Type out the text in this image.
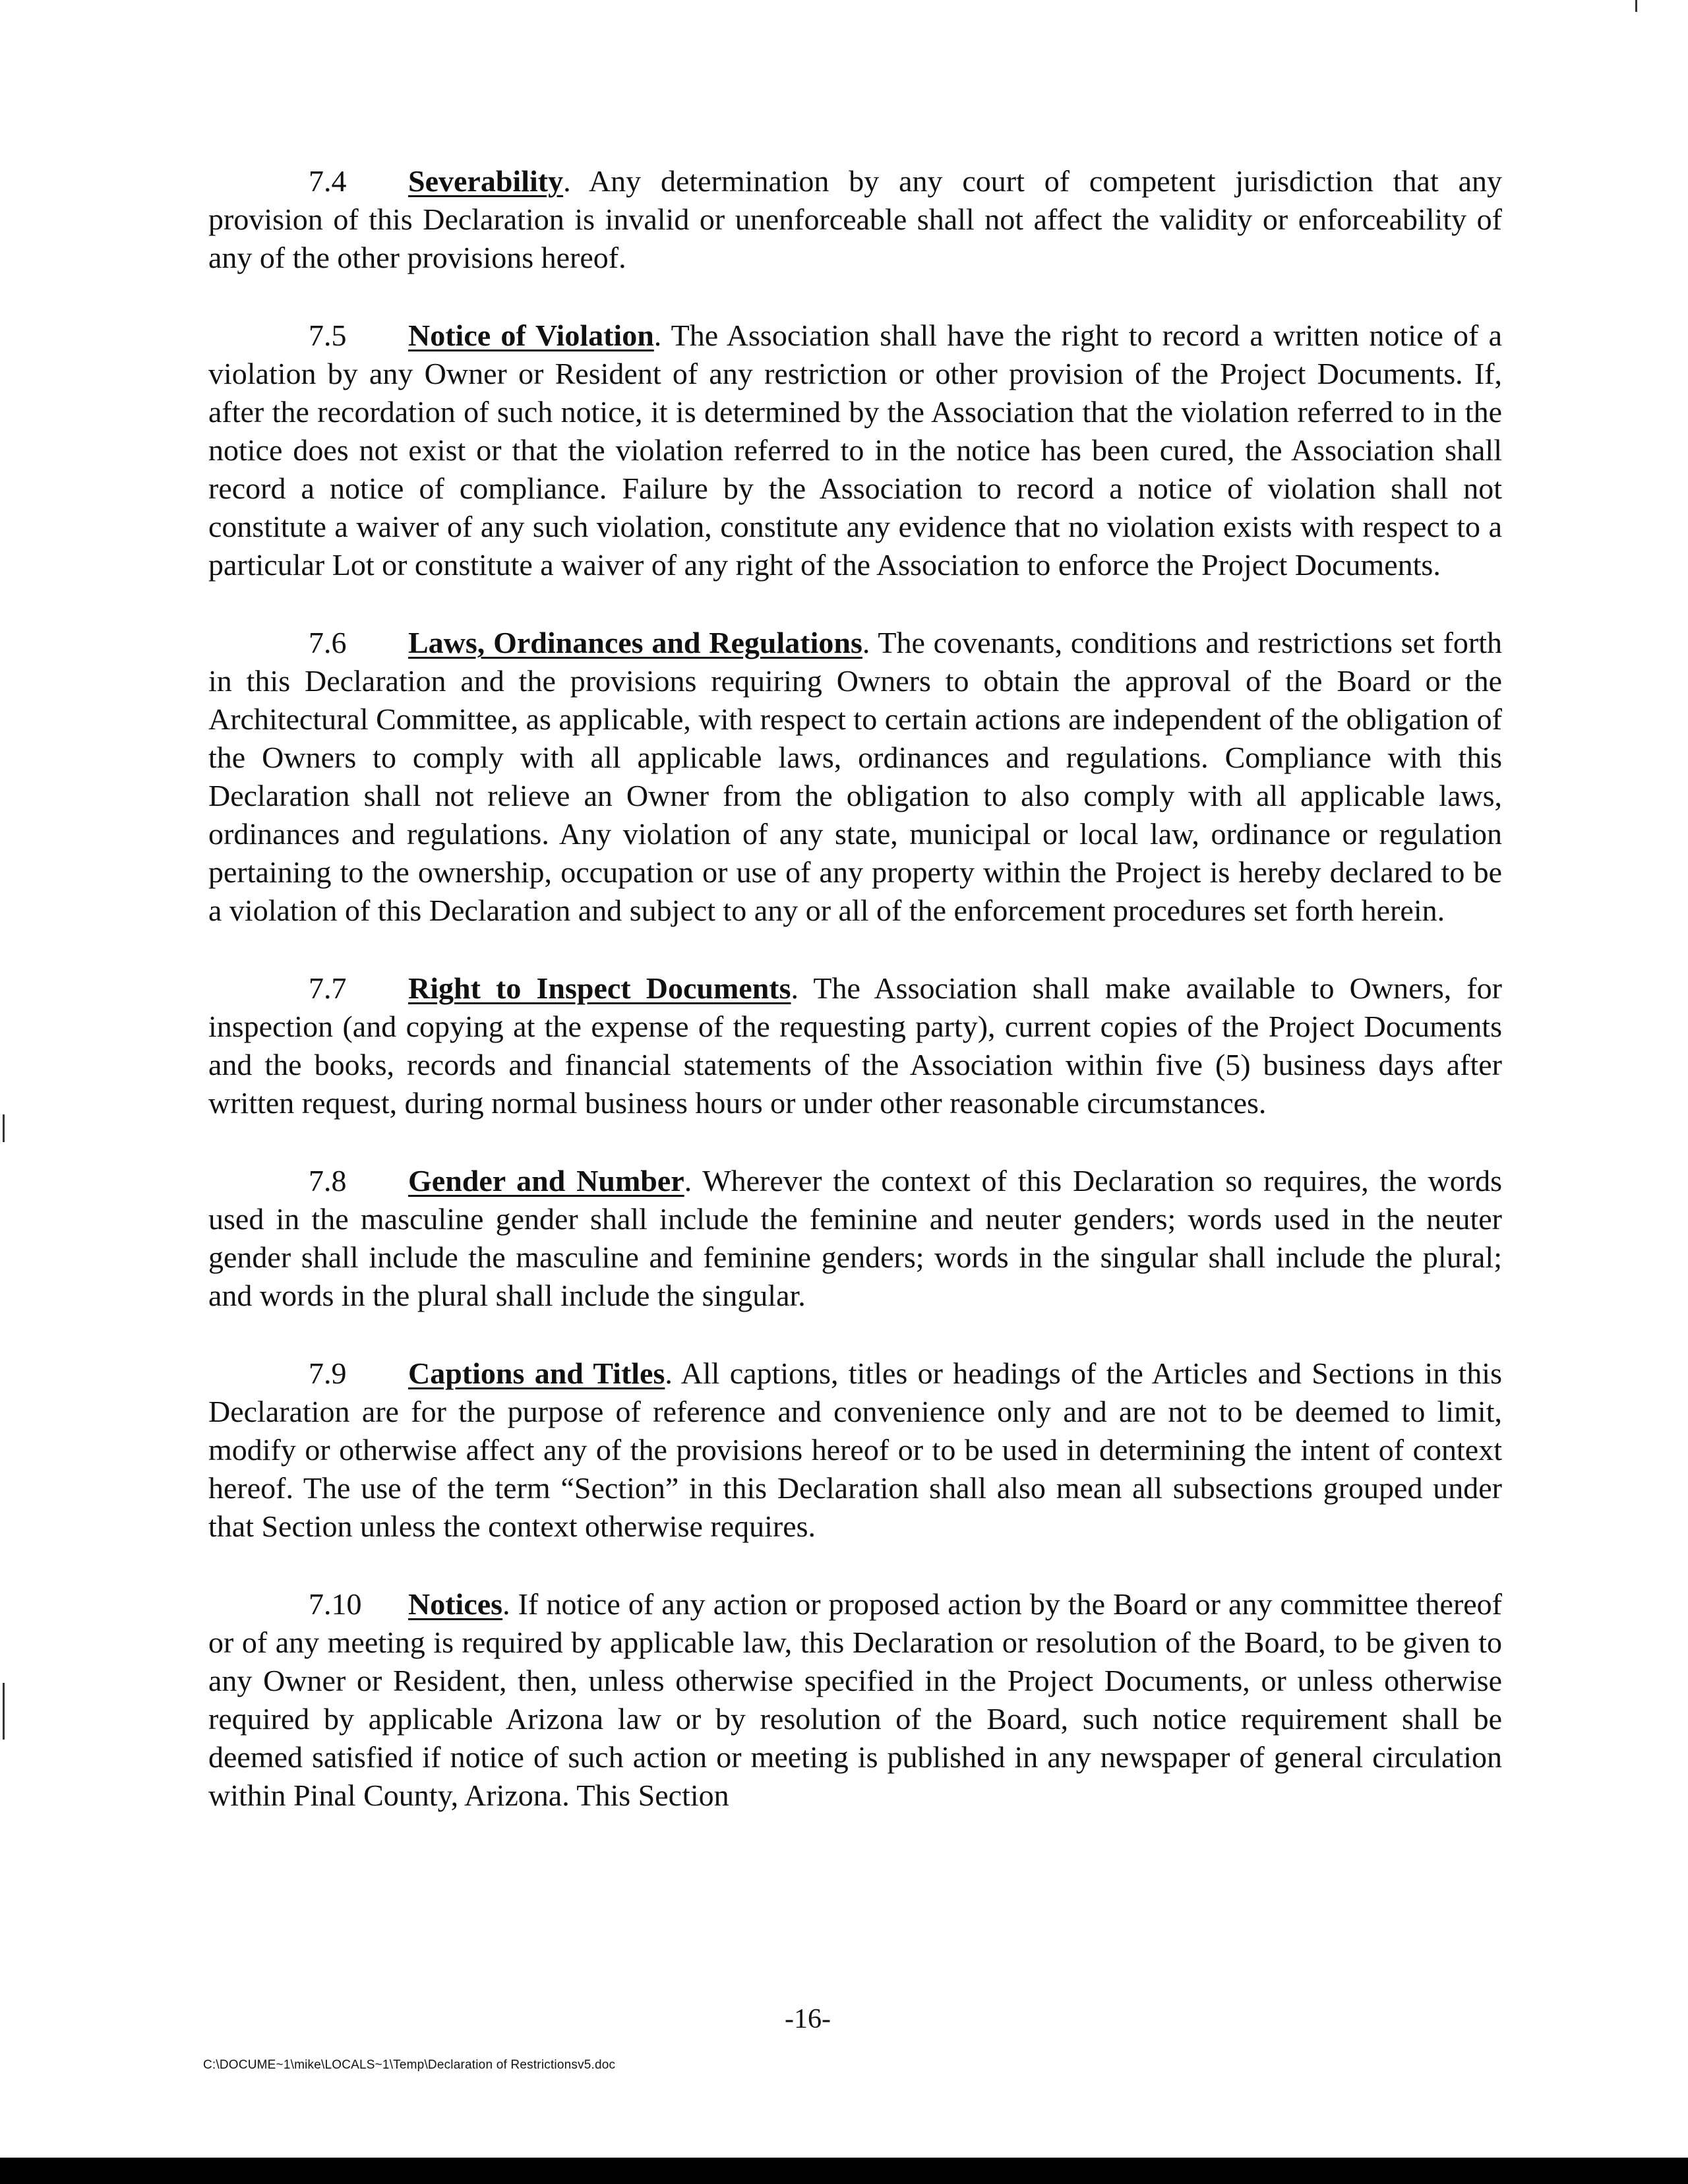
7.4 Severability. Any determination by any court of competent jurisdiction that any provision of this Declaration is invalid or unenforceable shall not affect the validity or enforceability of any of the other provisions hereof.

7.5 Notice of Violation. The Association shall have the right to record a written notice of a violation by any Owner or Resident of any restriction or other provision of the Project Documents. If, after the recordation of such notice, it is determined by the Association that the violation referred to in the notice does not exist or that the violation referred to in the notice has been cured, the Association shall record a notice of compliance. Failure by the Association to record a notice of violation shall not constitute a waiver of any such violation, constitute any evidence that no violation exists with respect to a particular Lot or constitute a waiver of any right of the Association to enforce the Project Documents.

7.6 Laws, Ordinances and Regulations. The covenants, conditions and restrictions set forth in this Declaration and the provisions requiring Owners to obtain the approval of the Board or the Architectural Committee, as applicable, with respect to certain actions are independent of the obligation of the Owners to comply with all applicable laws, ordinances and regulations. Compliance with this Declaration shall not relieve an Owner from the obligation to also comply with all applicable laws, ordinances and regulations. Any violation of any state, municipal or local law, ordinance or regulation pertaining to the ownership, occupation or use of any property within the Project is hereby declared to be a violation of this Declaration and subject to any or all of the enforcement procedures set forth herein.

7.7 Right to Inspect Documents. The Association shall make available to Owners, for inspection (and copying at the expense of the requesting party), current copies of the Project Documents and the books, records and financial statements of the Association within five (5) business days after written request, during normal business hours or under other reasonable circumstances.

7.8 Gender and Number. Wherever the context of this Declaration so requires, the words used in the masculine gender shall include the feminine and neuter genders; words used in the neuter gender shall include the masculine and feminine genders; words in the singular shall include the plural; and words in the plural shall include the singular.

7.9 Captions and Titles. All captions, titles or headings of the Articles and Sections in this Declaration are for the purpose of reference and convenience only and are not to be deemed to limit, modify or otherwise affect any of the provisions hereof or to be used in determining the intent of context hereof. The use of the term “Section” in this Declaration shall also mean all subsections grouped under that Section unless the context otherwise requires.

7.10 Notices. If notice of any action or proposed action by the Board or any committee thereof or of any meeting is required by applicable law, this Declaration or resolution of the Board, to be given to any Owner or Resident, then, unless otherwise specified in the Project Documents, or unless otherwise required by applicable Arizona law or by resolution of the Board, such notice requirement shall be deemed satisfied if notice of such action or meeting is published in any newspaper of general circulation within Pinal County, Arizona. This Section

-16-
C:\DOCUME~1\mike\LOCALS~1\Temp\Declaration of Restrictionsv5.doc
